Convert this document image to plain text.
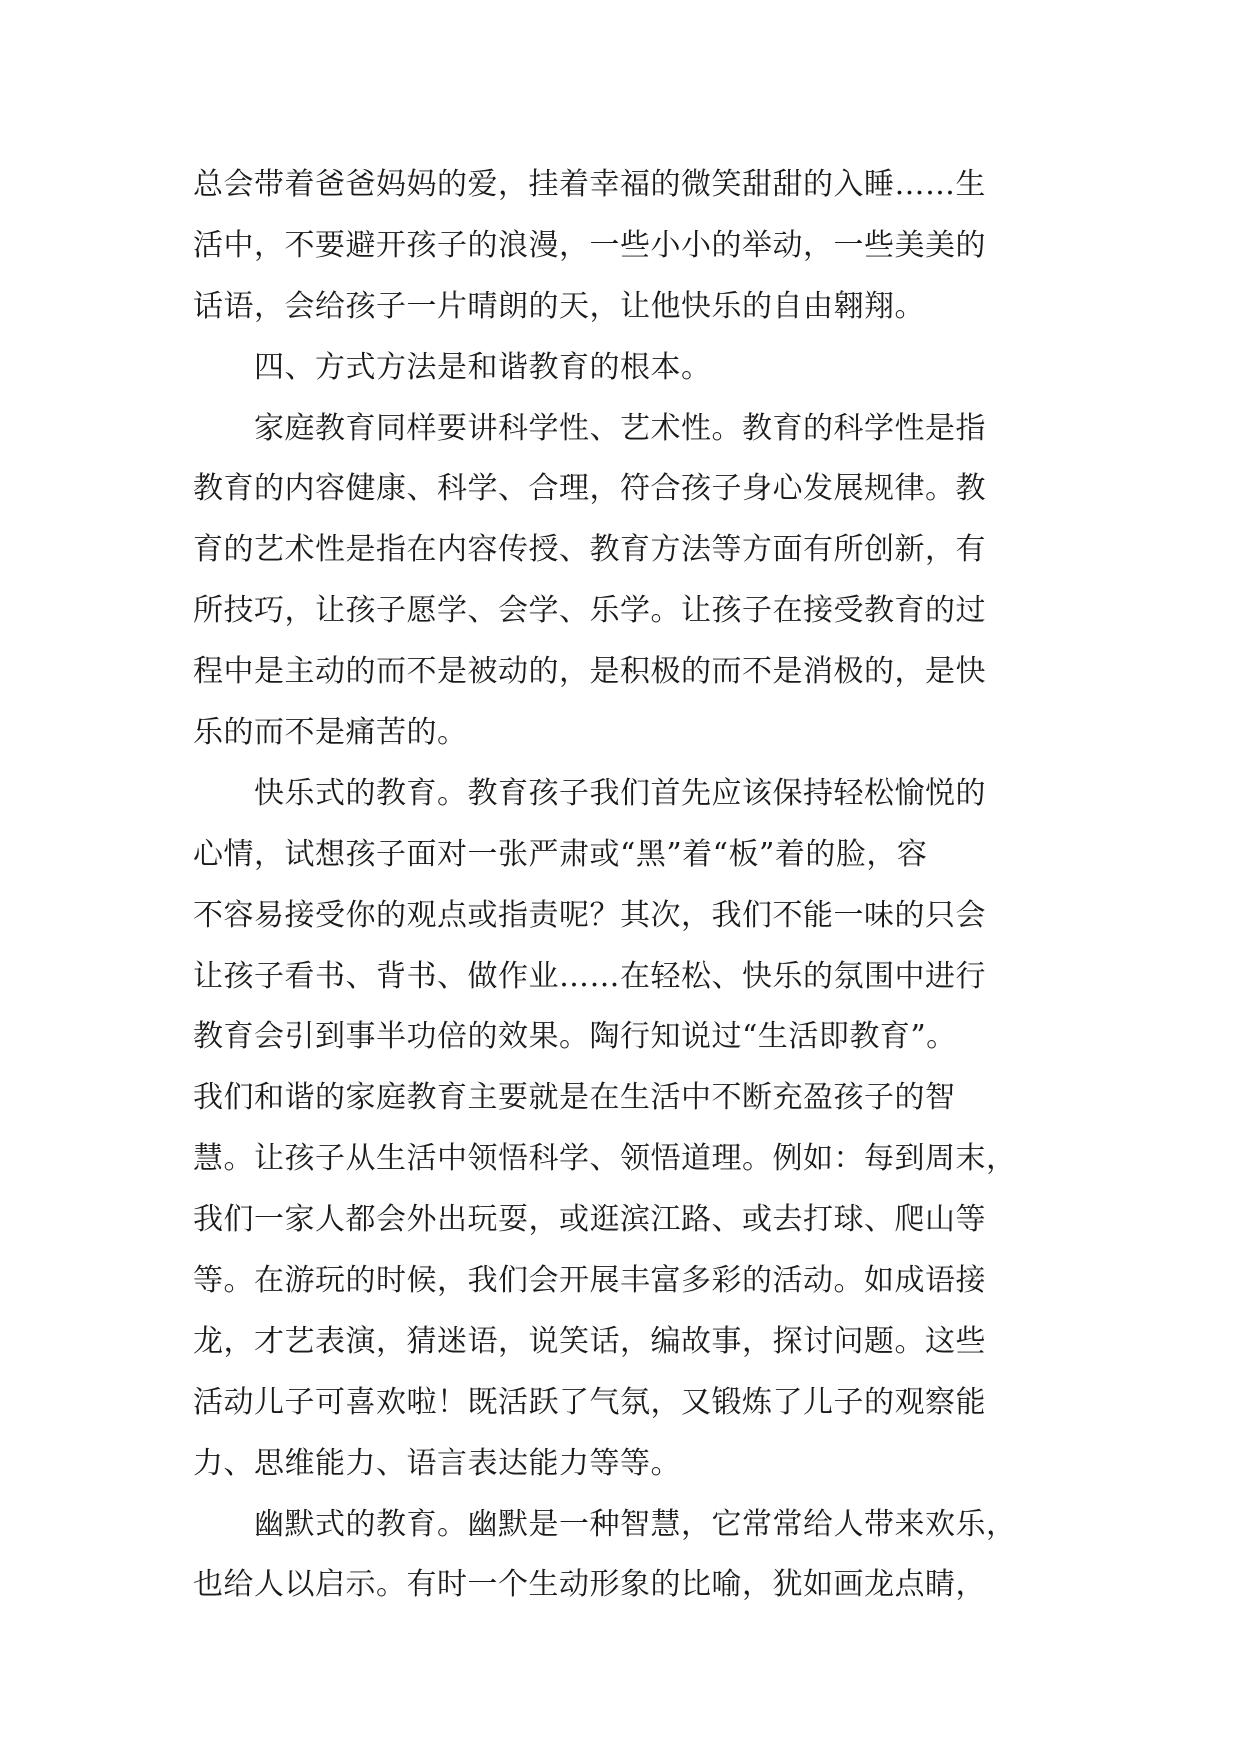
总会带着爸爸妈妈的爱，挂着幸福的微笑甜甜的入睡……生
活中，不要避开孩子的浪漫，一些小小的举动，一些美美的
话语，会给孩子一片晴朗的天，让他快乐的自由翱翔。
　　四、方式方法是和谐教育的根本。
　　家庭教育同样要讲科学性、艺术性。教育的科学性是指
教育的内容健康、科学、合理，符合孩子身心发展规律。教
育的艺术性是指在内容传授、教育方法等方面有所创新，有
所技巧，让孩子愿学、会学、乐学。让孩子在接受教育的过
程中是主动的而不是被动的，是积极的而不是消极的，是快
乐的而不是痛苦的。
　　快乐式的教育。教育孩子我们首先应该保持轻松愉悦的
心情，试想孩子面对一张严肃或“黑”着“板”着的脸，容
不容易接受你的观点或指责呢？其次，我们不能一味的只会
让孩子看书、背书、做作业……在轻松、快乐的氛围中进行
教育会引到事半功倍的效果。陶行知说过“生活即教育”。
我们和谐的家庭教育主要就是在生活中不断充盈孩子的智
慧。让孩子从生活中领悟科学、领悟道理。例如：每到周末，
我们一家人都会外出玩耍，或逛滨江路、或去打球、爬山等
等。在游玩的时候，我们会开展丰富多彩的活动。如成语接
龙，才艺表演，猜迷语，说笑话，编故事，探讨问题。这些
活动儿子可喜欢啦！既活跃了气氛，又锻炼了儿子的观察能
力、思维能力、语言表达能力等等。
　　幽默式的教育。幽默是一种智慧，它常常给人带来欢乐，
也给人以启示。有时一个生动形象的比喻，犹如画龙点睛，
